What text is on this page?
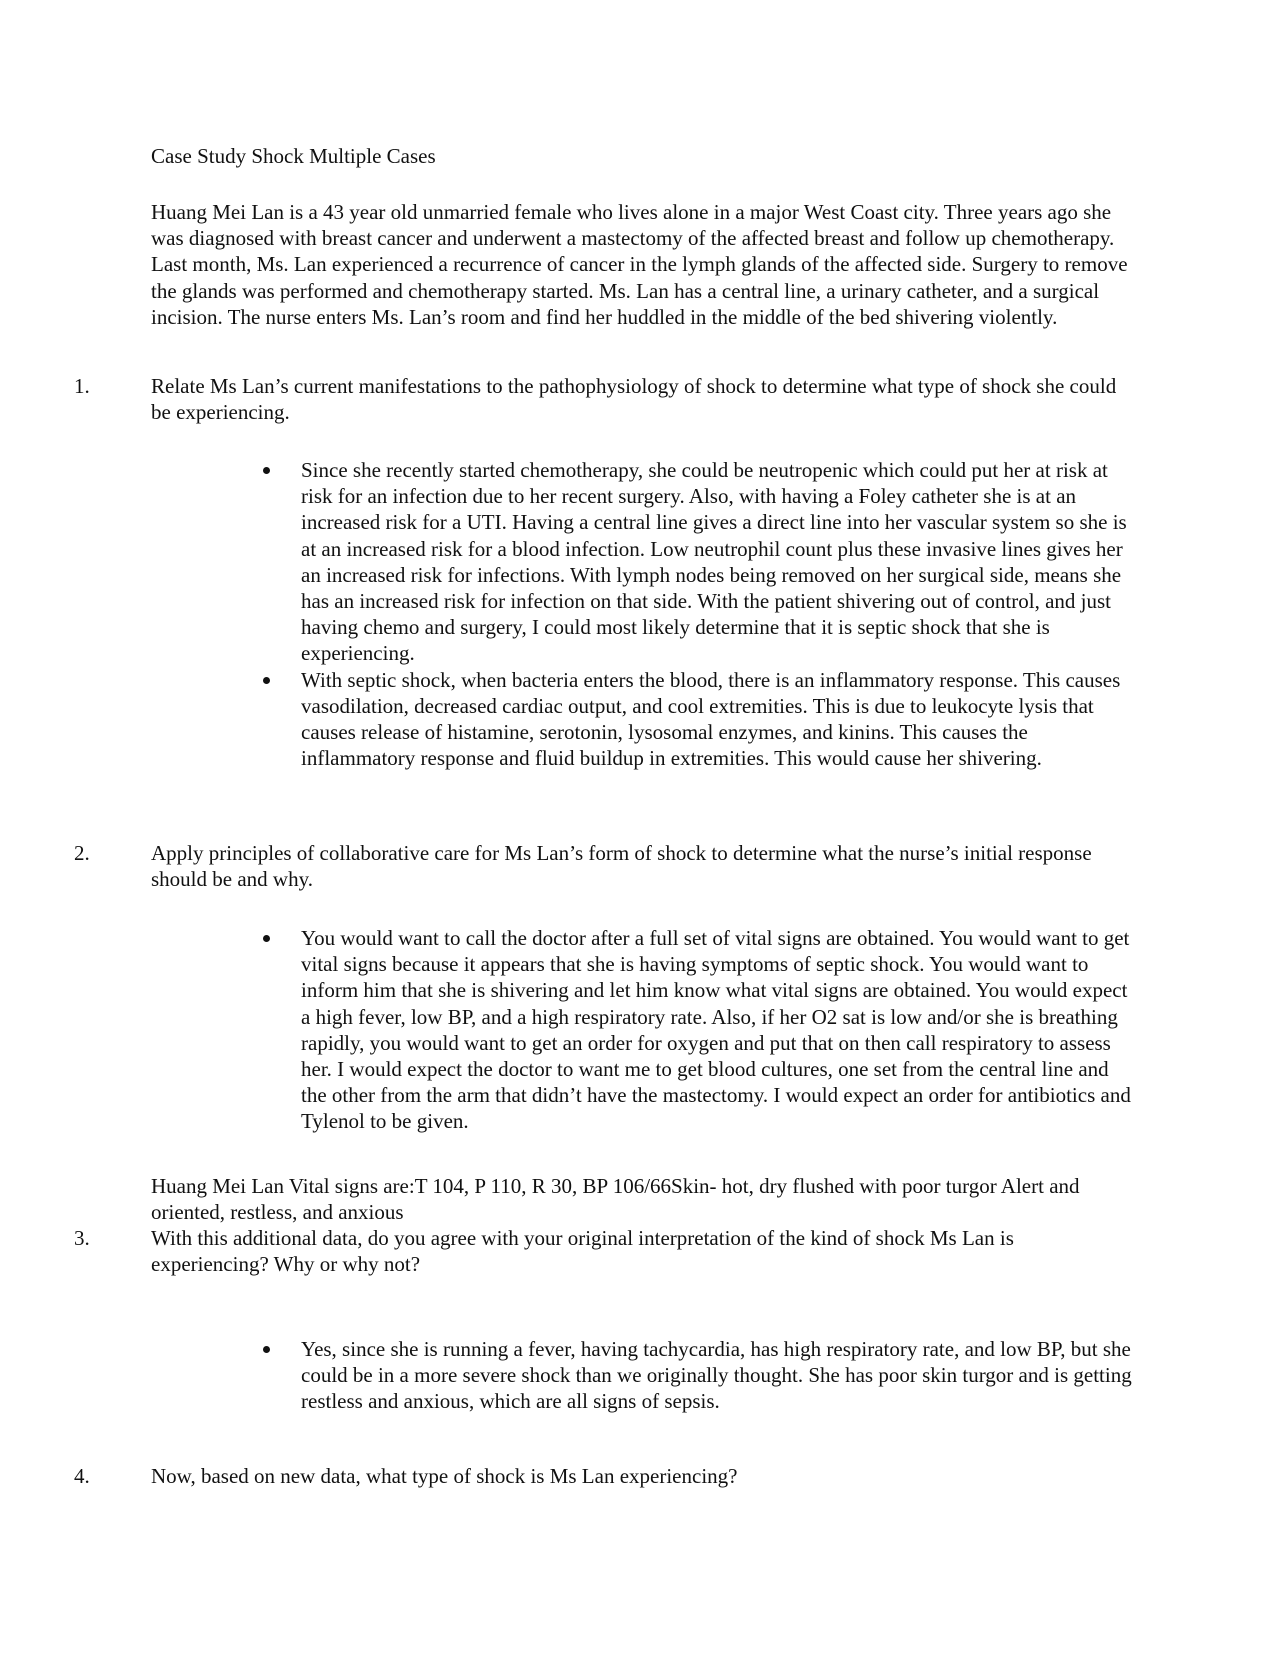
Case Study Shock Multiple Cases

Huang Mei Lan is a 43 year old unmarried female who lives alone in a major West Coast city. Three years ago she was diagnosed with breast cancer and underwent a mastectomy of the affected breast and follow up chemotherapy. Last month, Ms. Lan experienced a recurrence of cancer in the lymph glands of the affected side. Surgery to remove the glands was performed and chemotherapy started. Ms. Lan has a central line, a urinary catheter, and a surgical incision. The nurse enters Ms. Lan’s room and find her huddled in the middle of the bed shivering violently.

1.	Relate Ms Lan’s current manifestations to the pathophysiology of shock to determine what type of shock she could be experiencing.
Since she recently started chemotherapy, she could be neutropenic which could put her at risk at risk for an infection due to her recent surgery. Also, with having a Foley catheter she is at an increased risk for a UTI. Having a central line gives a direct line into her vascular system so she is at an increased risk for a blood infection. Low neutrophil count plus these invasive lines gives her an increased risk for infections. With lymph nodes being removed on her surgical side, means she has an increased risk for infection on that side. With the patient shivering out of control, and just having chemo and surgery, I could most likely determine that it is septic shock that she is experiencing.
With septic shock, when bacteria enters the blood, there is an inflammatory response. This causes vasodilation, decreased cardiac output, and cool extremities. This is due to leukocyte lysis that causes release of histamine, serotonin, lysosomal enzymes, and kinins. This causes the inflammatory response and fluid buildup in extremities. This would cause her shivering.
2.	Apply principles of collaborative care for Ms Lan’s form of shock to determine what the nurse’s initial response should be and why.
You would want to call the doctor after a full set of vital signs are obtained. You would want to get vital signs because it appears that she is having symptoms of septic shock. You would want to inform him that she is shivering and let him know what vital signs are obtained. You would expect a high fever, low BP, and a high respiratory rate. Also, if her O2 sat is low and/or she is breathing rapidly, you would want to get an order for oxygen and put that on then call respiratory to assess her. I would expect the doctor to want me to get blood cultures, one set from the central line and the other from the arm that didn’t have the mastectomy. I would expect an order for antibiotics and Tylenol to be given.

Huang Mei Lan Vital signs are:T 104, P 110, R 30, BP 106/66Skin- hot, dry flushed with poor turgor Alert and oriented, restless, and anxious

3.	With this additional data, do you agree with your original interpretation of the kind of shock Ms Lan is experiencing? Why or why not?
Yes, since she is running a fever, having tachycardia, has high respiratory rate, and low BP, but she could be in a more severe shock than we originally thought. She has poor skin turgor and is getting restless and anxious, which are all signs of sepsis.
4.	Now, based on new data, what type of shock is Ms Lan experiencing?
